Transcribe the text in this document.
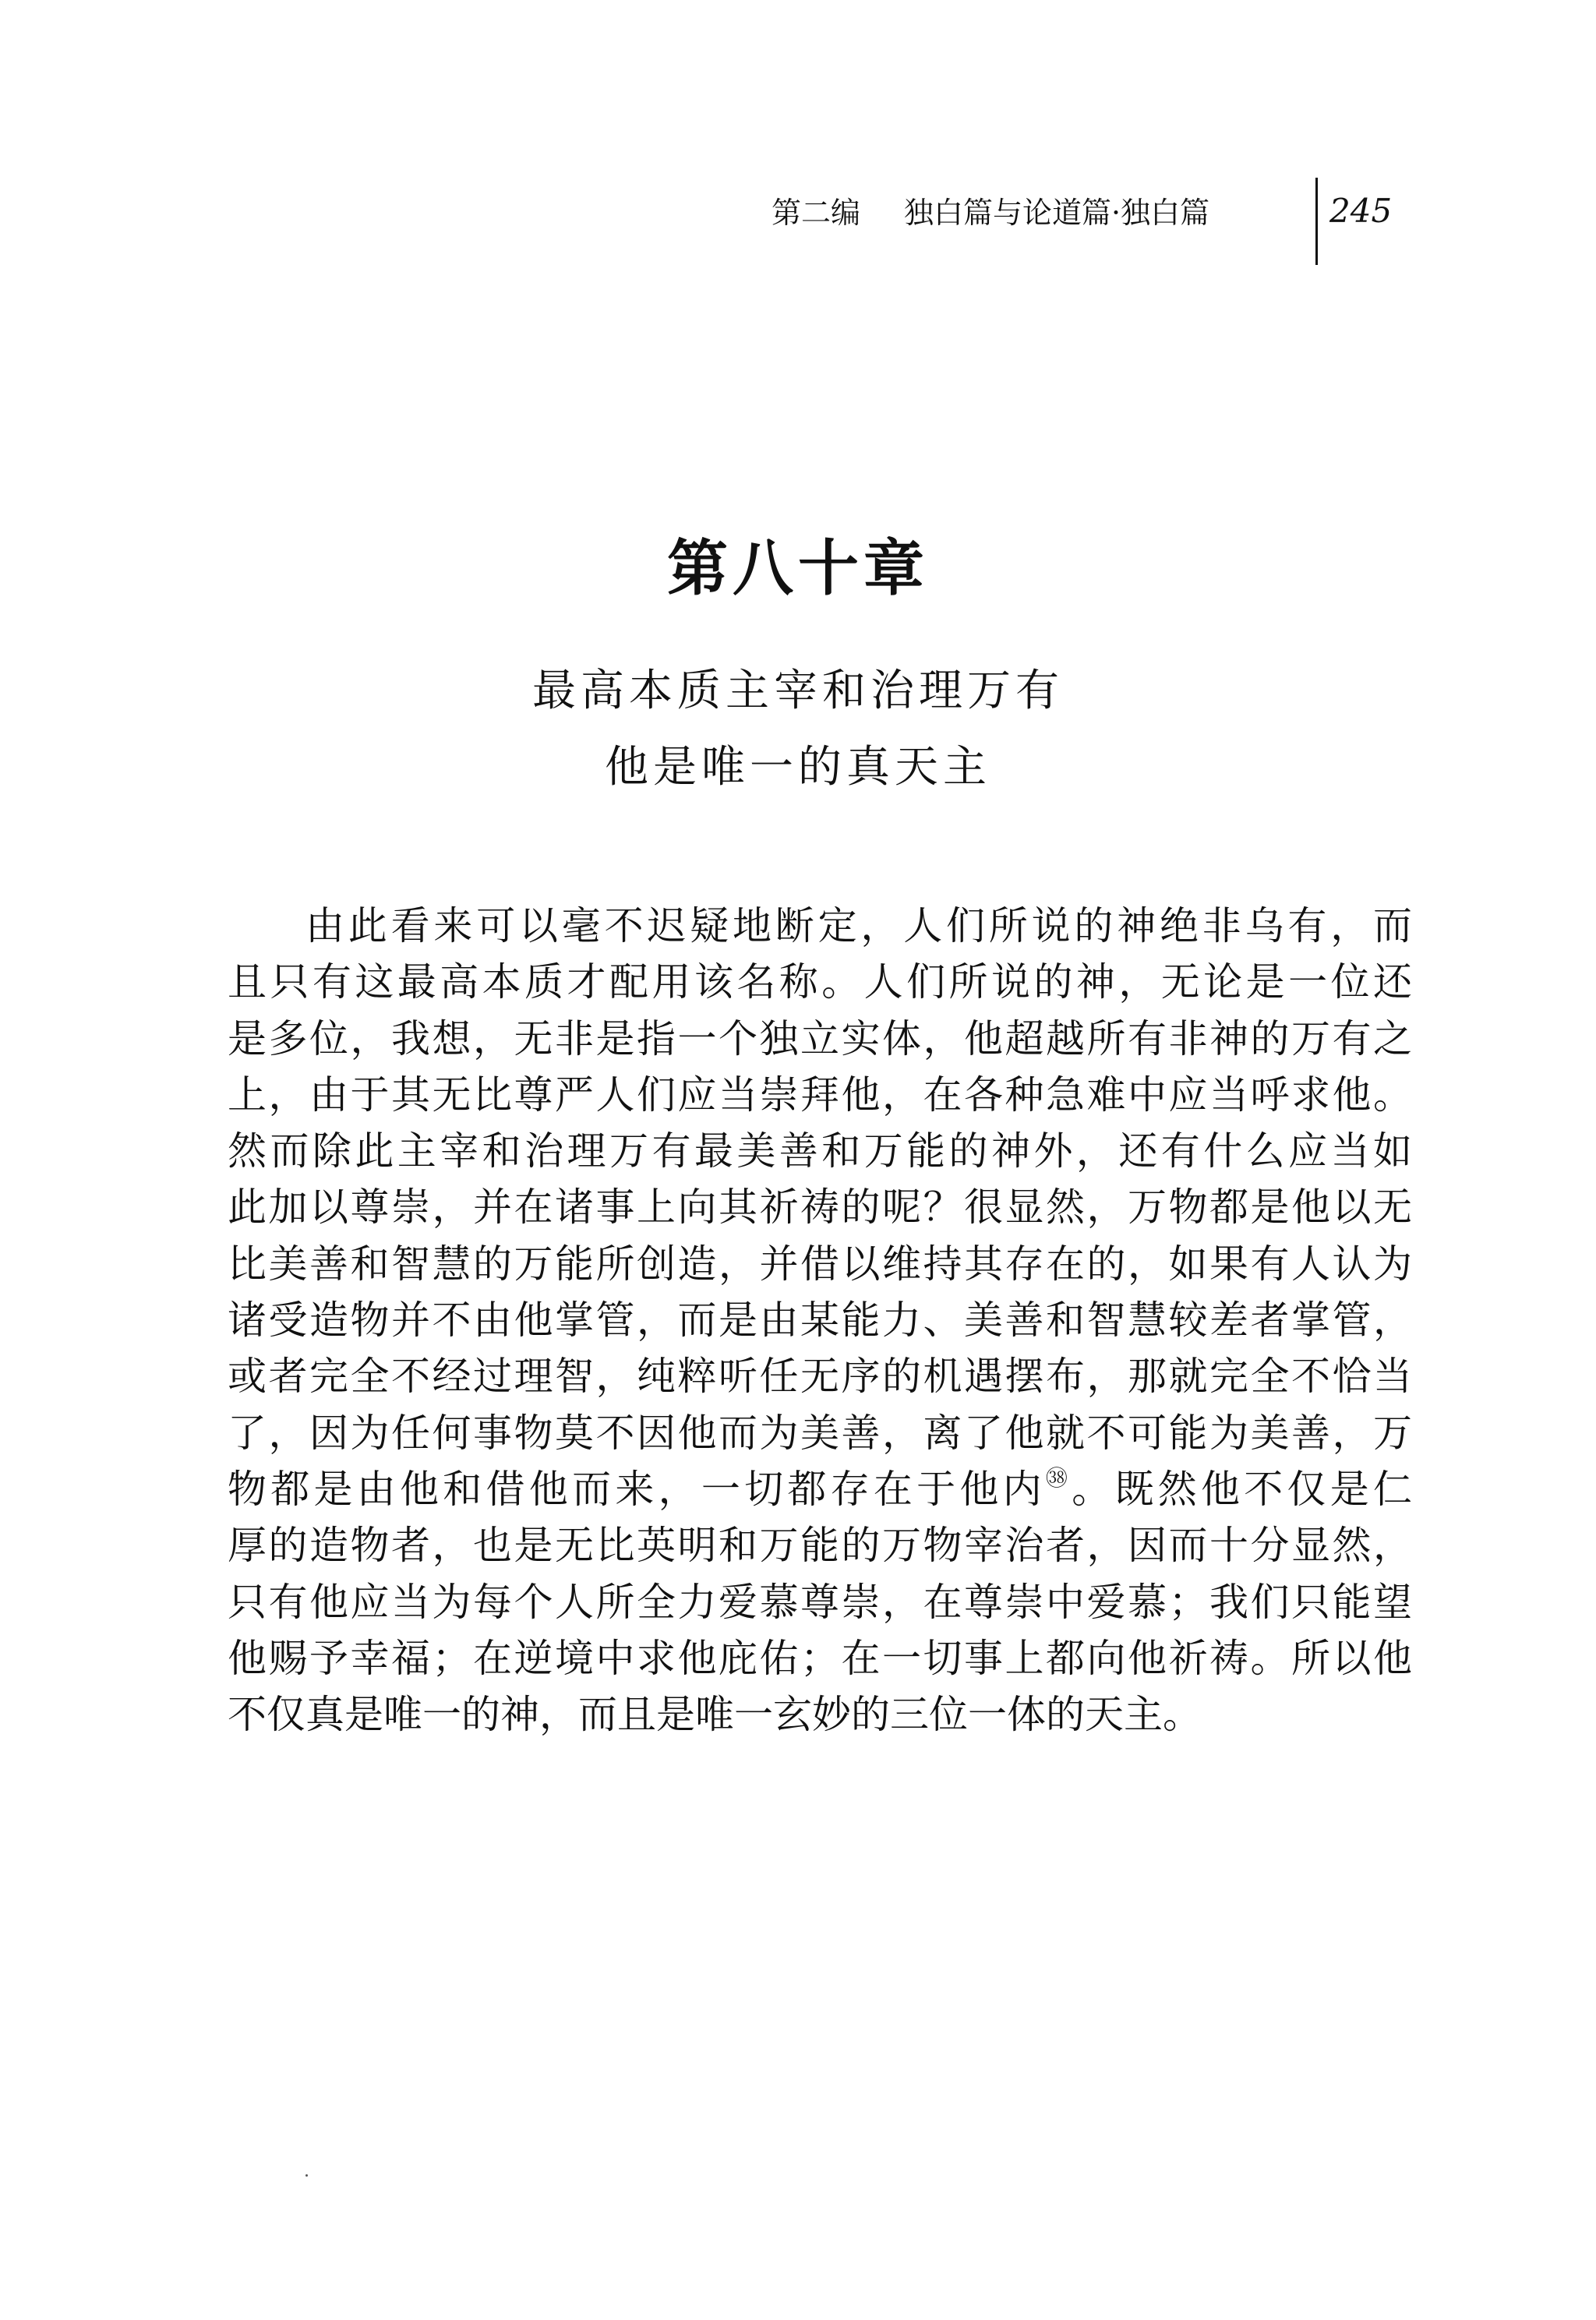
第二编 独白篇与论道篇·独白篇	245
第八十章
最高本质主宰和治理万有
他是唯一的真天主
由此看来可以毫不迟疑地断定，人们所说的神绝非乌有，而
且只有这最高本质才配用该名称。人们所说的神，无论是一位还
是多位，我想，无非是指一个独立实体，他超越所有非神的万有之
上，由于其无比尊严人们应当崇拜他，在各种急难中应当呼求他。
然而除此主宰和治理万有最美善和万能的神外，还有什么应当如
此加以尊崇，并在诸事上向其祈祷的呢？很显然，万物都是他以无
比美善和智慧的万能所创造，并借以维持其存在的，如果有人认为
诸受造物并不由他掌管，而是由某能力、美善和智慧较差者掌管，
或者完全不经过理智，纯粹听任无序的机遇摆布，那就完全不恰当
了，因为任何事物莫不因他而为美善，离了他就不可能为美善，万
物都是由他和借他而来，一切都存在于他内$^㊳$。既然他不仅是仁
厚的造物者，也是无比英明和万能的万物宰治者，因而十分显然，
只有他应当为每个人所全力爱慕尊崇，在尊崇中爱慕；我们只能望
他赐予幸福；在逆境中求他庇佑；在一切事上都向他祈祷。所以他
不仅真是唯一的神，而且是唯一玄妙的三位一体的天主。
